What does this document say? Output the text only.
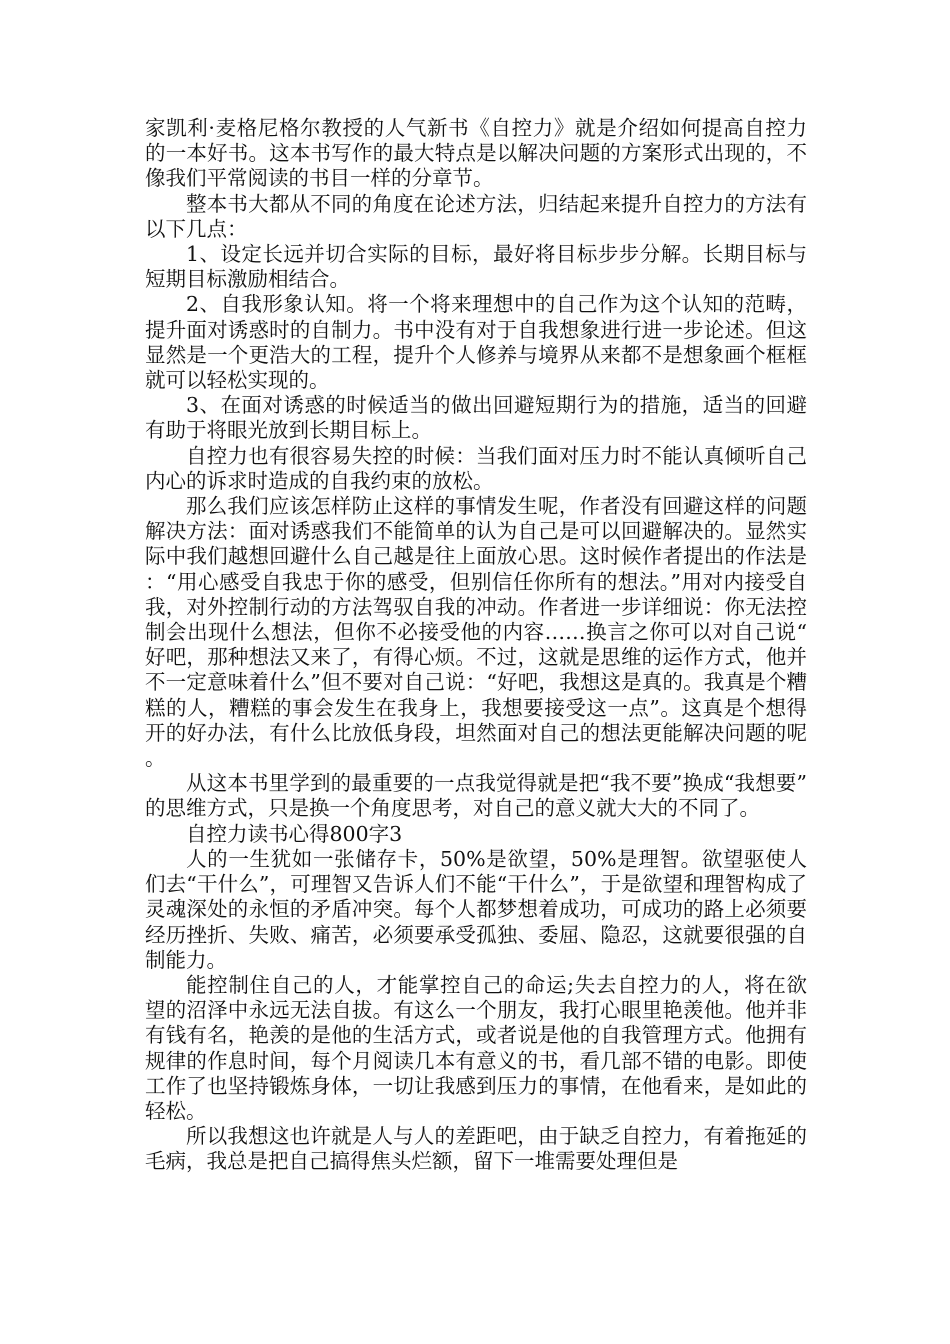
家凯利·麦格尼格尔教授的人气新书《自控力》就是介绍如何提高自控力的一本好书。这本书写作的最大特点是以解决问题的方案形式出现的，不像我们平常阅读的书目一样的分章节。

整本书大都从不同的角度在论述方法，归结起来提升自控力的方法有以下几点：

1、设定长远并切合实际的目标，最好将目标步步分解。长期目标与短期目标激励相结合。

2、自我形象认知。将一个将来理想中的自己作为这个认知的范畴，提升面对诱惑时的自制力。书中没有对于自我想象进行进一步论述。但这显然是一个更浩大的工程，提升个人修养与境界从来都不是想象画个框框就可以轻松实现的。

3、在面对诱惑的时候适当的做出回避短期行为的措施，适当的回避有助于将眼光放到长期目标上。

自控力也有很容易失控的时候：当我们面对压力时不能认真倾听自己内心的诉求时造成的自我约束的放松。

那么我们应该怎样防止这样的事情发生呢，作者没有回避这样的问题解决方法：面对诱惑我们不能简单的认为自己是可以回避解决的。显然实际中我们越想回避什么自己越是往上面放心思。这时候作者提出的作法是：“用心感受自我忠于你的感受，但别信任你所有的想法。”用对内接受自我，对外控制行动的方法驾驭自我的冲动。作者进一步详细说：你无法控制会出现什么想法，但你不必接受他的内容……换言之你可以对自己说“好吧，那种想法又来了，有得心烦。不过，这就是思维的运作方式，他并不一定意味着什么”但不要对自己说：“好吧，我想这是真的。我真是个糟糕的人，糟糕的事会发生在我身上，我想要接受这一点”。这真是个想得开的好办法，有什么比放低身段，坦然面对自己的想法更能解决问题的呢。

从这本书里学到的最重要的一点我觉得就是把“我不要”换成“我想要”的思维方式，只是换一个角度思考，对自己的意义就大大的不同了。

自控力读书心得800字3

人的一生犹如一张储存卡，50%是欲望，50%是理智。欲望驱使人们去“干什么”，可理智又告诉人们不能“干什么”，于是欲望和理智构成了灵魂深处的永恒的矛盾冲突。每个人都梦想着成功，可成功的路上必须要经历挫折、失败、痛苦，必须要承受孤独、委屈、隐忍，这就要很强的自制能力。

能控制住自己的人，才能掌控自己的命运;失去自控力的人，将在欲望的沼泽中永远无法自拔。有这么一个朋友，我打心眼里艳羡他。他并非有钱有名，艳羡的是他的生活方式，或者说是他的自我管理方式。他拥有规律的作息时间，每个月阅读几本有意义的书，看几部不错的电影。即使工作了也坚持锻炼身体，一切让我感到压力的事情，在他看来，是如此的轻松。

所以我想这也许就是人与人的差距吧，由于缺乏自控力，有着拖延的毛病，我总是把自己搞得焦头烂额，留下一堆需要处理但是
